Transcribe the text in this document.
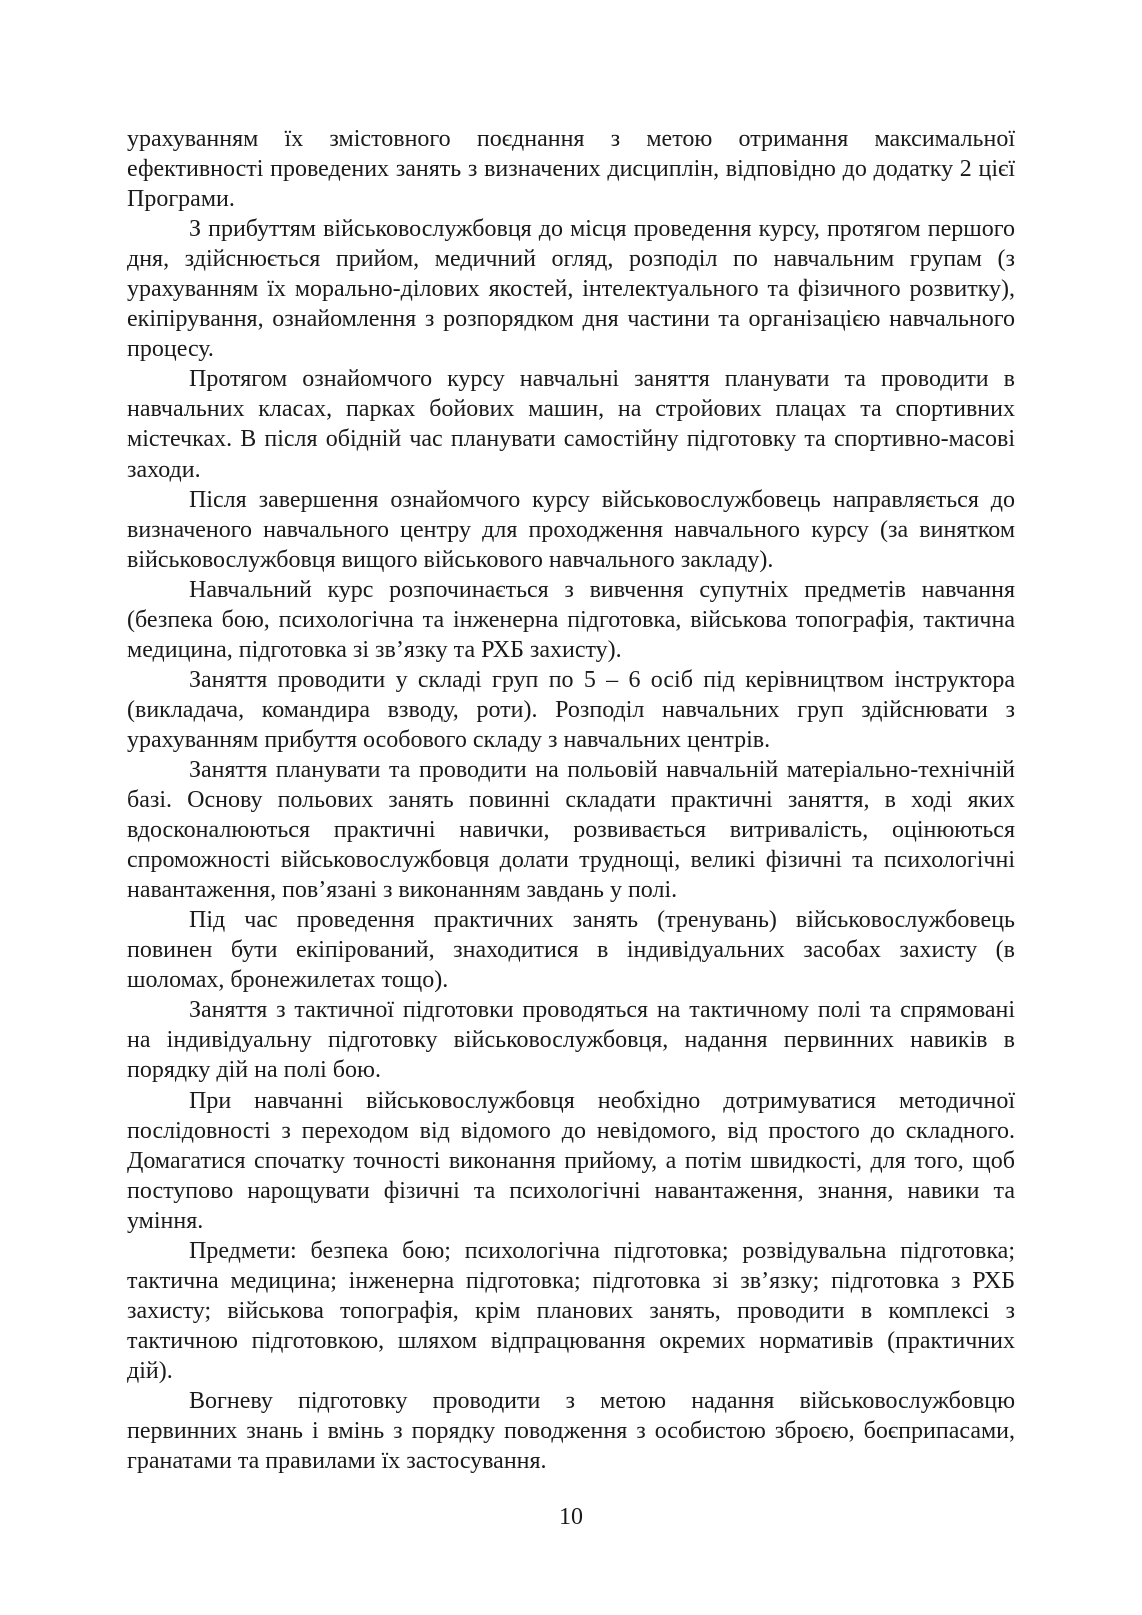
урахуванням їх змістовного поєднання з метою отримання максимальної ефективності проведених занять з визначених дисциплін, відповідно до додатку 2 цієї Програми.

З прибуттям військовослужбовця до місця проведення курсу, протягом першого дня, здійснюється прийом, медичний огляд, розподіл по навчальним групам (з урахуванням їх морально-ділових якостей, інтелектуального та фізичного розвитку), екіпірування, ознайомлення з розпорядком дня частини та організацією навчального процесу.

Протягом ознайомчого курсу навчальні заняття планувати та проводити в навчальних класах, парках бойових машин, на стройових плацах та спортивних містечках. В після обідній час планувати самостійну підготовку та спортивно-масові заходи.

Після завершення ознайомчого курсу військовослужбовець направляється до визначеного навчального центру для проходження навчального курсу (за винятком військовослужбовця вищого військового навчального закладу).

Навчальний курс розпочинається з вивчення супутніх предметів навчання (безпека бою, психологічна та інженерна підготовка, військова топографія, тактична медицина, підготовка зі зв’язку та РХБ захисту).

Заняття проводити у складі груп по 5 – 6 осіб під керівництвом інструктора (викладача, командира взводу, роти). Розподіл навчальних груп здійснювати з урахуванням прибуття особового складу з навчальних центрів.

Заняття планувати та проводити на польовій навчальній матеріально-технічній базі. Основу польових занять повинні складати практичні заняття, в ході яких вдосконалюються практичні навички, розвивається витривалість, оцінюються спроможності військовослужбовця долати труднощі, великі фізичні та психологічні навантаження, пов’язані з виконанням завдань у полі.

Під час проведення практичних занять (тренувань) військовослужбовець повинен бути екіпірований, знаходитися в індивідуальних засобах захисту (в шоломах, бронежилетах тощо).

Заняття з тактичної підготовки проводяться на тактичному полі та спрямовані на індивідуальну підготовку військовослужбовця, надання первинних навиків в порядку дій на полі бою.

При навчанні військовослужбовця необхідно дотримуватися методичної послідовності з переходом від відомого до невідомого, від простого до складного. Домагатися спочатку точності виконання прийому, а потім швидкості, для того, щоб поступово нарощувати фізичні та психологічні навантаження, знання, навики та уміння.

Предмети: безпека бою; психологічна підготовка; розвідувальна підготовка; тактична медицина; інженерна підготовка; підготовка зі зв’язку; підготовка з РХБ захисту; військова топографія, крім планових занять, проводити в комплексі з тактичною підготовкою, шляхом відпрацювання окремих нормативів (практичних дій).

Вогневу підготовку проводити з метою надання військовослужбовцю первинних знань і вмінь з порядку поводження з особистою зброєю, боєприпасами, гранатами та правилами їх застосування.

10
